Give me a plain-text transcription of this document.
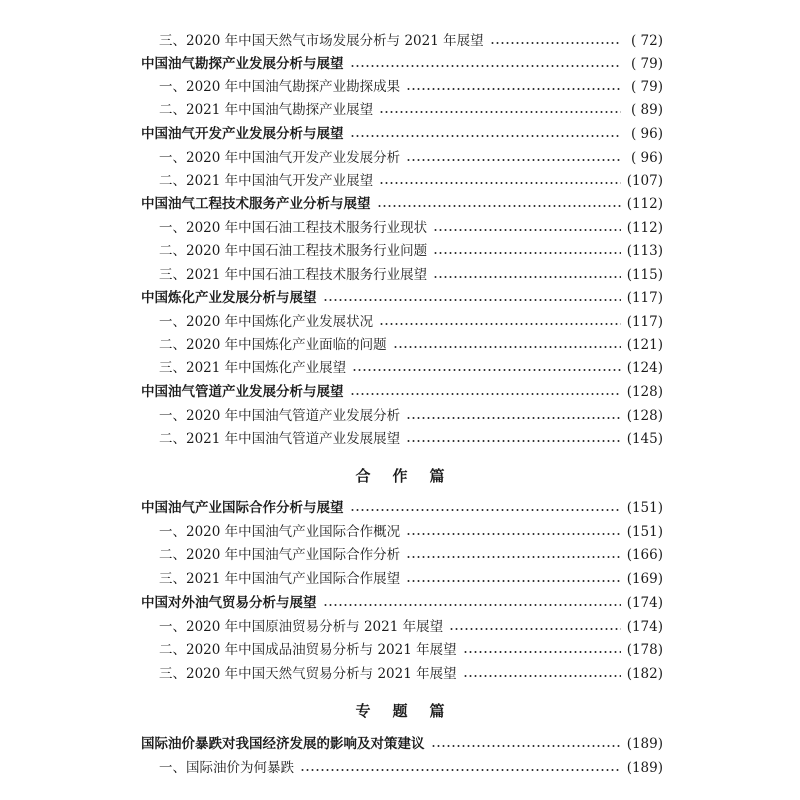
三、2020 年中国天然气市场发展分析与 2021 年展望	( 72)
中国油气勘探产业发展分析与展望	( 79)
一、2020 年中国油气勘探产业勘探成果	( 79)
二、2021 年中国油气勘探产业展望	( 89)
中国油气开发产业发展分析与展望	( 96)
一、2020 年中国油气开发产业发展分析	( 96)
二、2021 年中国油气开发产业展望	(107)
中国油气工程技术服务产业分析与展望	(112)
一、2020 年中国石油工程技术服务行业现状	(112)
二、2020 年中国石油工程技术服务行业问题	(113)
三、2021 年中国石油工程技术服务行业展望	(115)
中国炼化产业发展分析与展望	(117)
一、2020 年中国炼化产业发展状况	(117)
二、2020 年中国炼化产业面临的问题	(121)
三、2021 年中国炼化产业展望	(124)
中国油气管道产业发展分析与展望	(128)
一、2020 年中国油气管道产业发展分析	(128)
二、2021 年中国油气管道产业发展展望	(145)
合作篇
中国油气产业国际合作分析与展望	(151)
一、2020 年中国油气产业国际合作概况	(151)
二、2020 年中国油气产业国际合作分析	(166)
三、2021 年中国油气产业国际合作展望	(169)
中国对外油气贸易分析与展望	(174)
一、2020 年中国原油贸易分析与 2021 年展望	(174)
二、2020 年中国成品油贸易分析与 2021 年展望	(178)
三、2020 年中国天然气贸易分析与 2021 年展望	(182)
专题篇
国际油价暴跌对我国经济发展的影响及对策建议	(189)
一、国际油价为何暴跌	(189)
